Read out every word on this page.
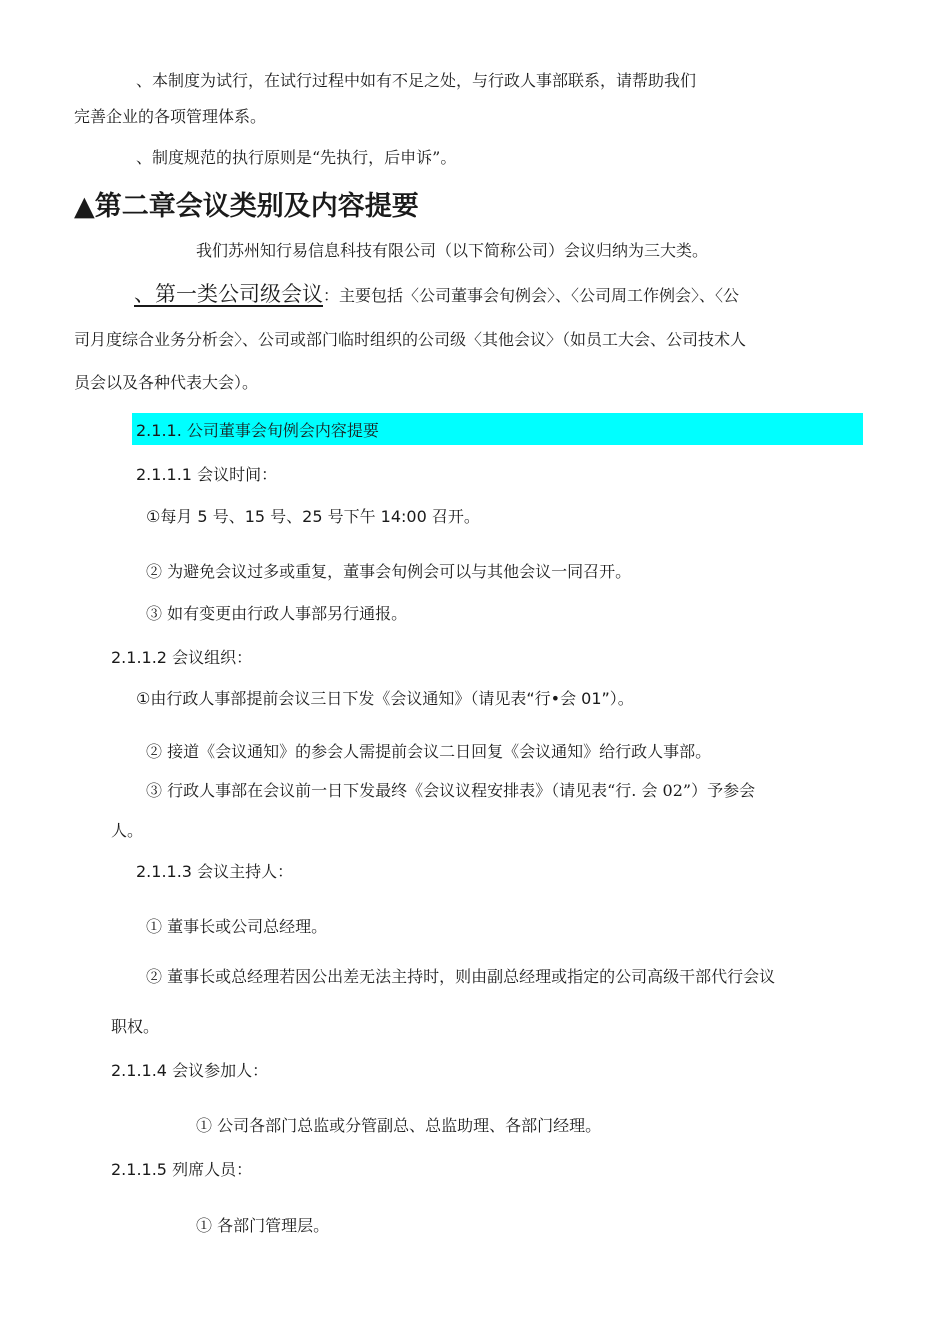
、本制度为试行，在试行过程中如有不足之处，与行政人事部联系，请帮助我们
完善企业的各项管理体系。
、制度规范的执行原则是“先执行，后申诉”。
▲第二章会议类别及内容提要
我们苏州知行易信息科技有限公司（以下简称公司）会议归纳为三大类。
、第一类公司级会议：主要包括〈公司董事会旬例会〉、〈公司周工作例会〉、〈公
司月度综合业务分析会〉、公司或部门临时组织的公司级〈其他会议〉（如员工大会、公司技术人
员会以及各种代表大会）。
2.1.1. 公司董事会旬例会内容提要
2.1.1.1 会议时间：
①每月 5 号、15 号、25 号下午 14:00 召开。
② 为避免会议过多或重复，董事会旬例会可以与其他会议一同召开。
③ 如有变更由行政人事部另行通报。
2.1.1.2 会议组织：
①由行政人事部提前会议三日下发《会议通知》（请见表“行•会 01”）。
② 接道《会议通知》的参会人需提前会议二日回复《会议通知》给行政人事部。
③ 行政人事部在会议前一日下发最终《会议议程安排表》（请见表“行. 会 02”）予参会
人。
2.1.1.3 会议主持人：
① 董事长或公司总经理。
② 董事长或总经理若因公出差无法主持时，则由副总经理或指定的公司高级干部代行会议
职权。
2.1.1.4 会议参加人：
① 公司各部门总监或分管副总、总监助理、各部门经理。
2.1.1.5 列席人员：
① 各部门管理层。
